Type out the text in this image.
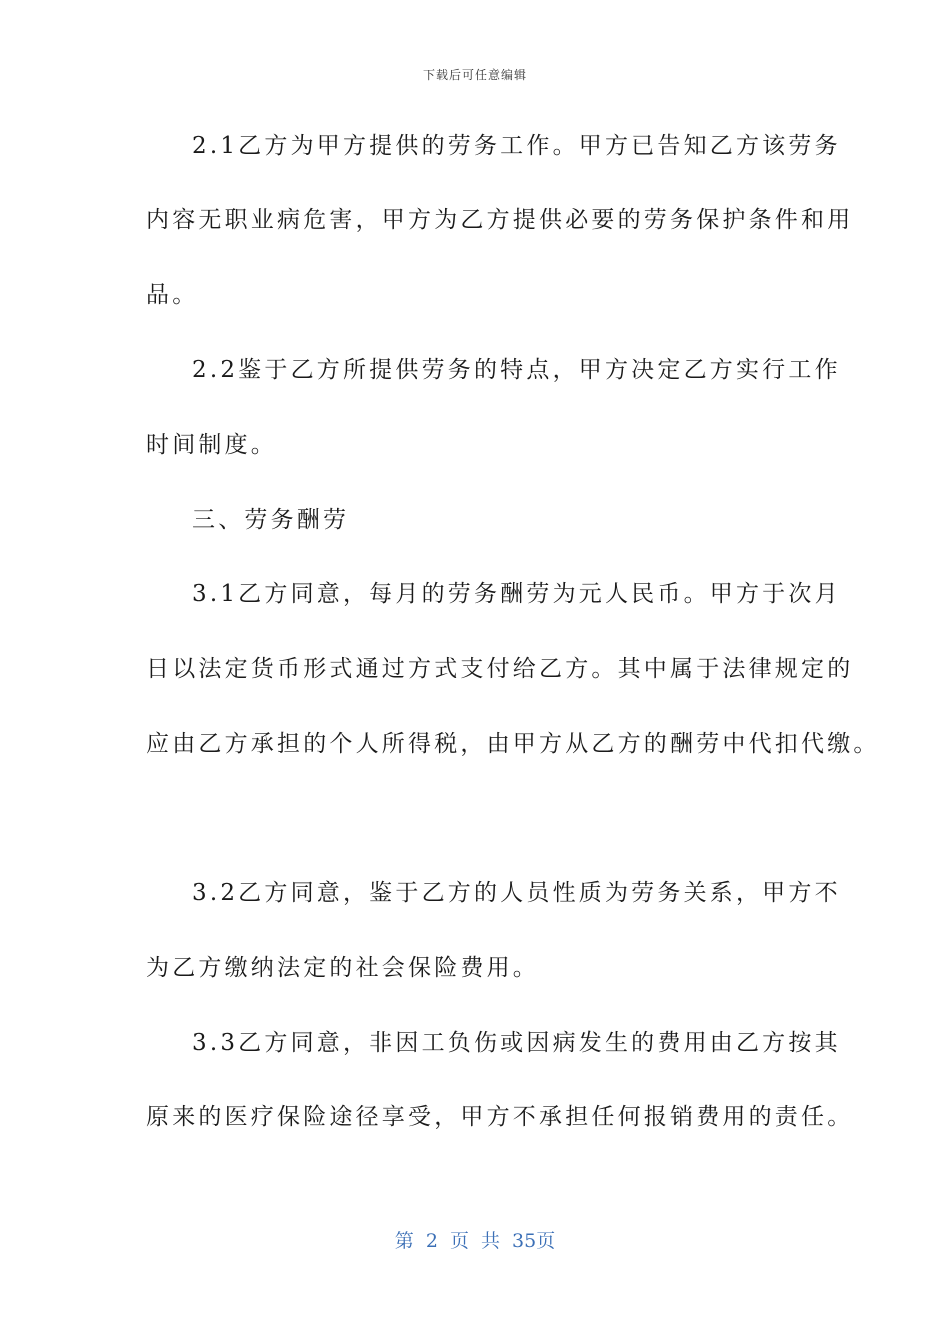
下载后可任意编辑
2.1乙方为甲方提供的劳务工作。甲方已告知乙方该劳务
内容无职业病危害，甲方为乙方提供必要的劳务保护条件和用
品。
2.2鉴于乙方所提供劳务的特点，甲方决定乙方实行工作
时间制度。
三、劳务酬劳
3.1乙方同意，每月的劳务酬劳为元人民币。甲方于次月
日以法定货币形式通过方式支付给乙方。其中属于法律规定的
应由乙方承担的个人所得税，由甲方从乙方的酬劳中代扣代缴。
3.2乙方同意，鉴于乙方的人员性质为劳务关系，甲方不
为乙方缴纳法定的社会保险费用。
3.3乙方同意，非因工负伤或因病发生的费用由乙方按其
原来的医疗保险途径享受，甲方不承担任何报销费用的责任。
第 2 页 共 35页
